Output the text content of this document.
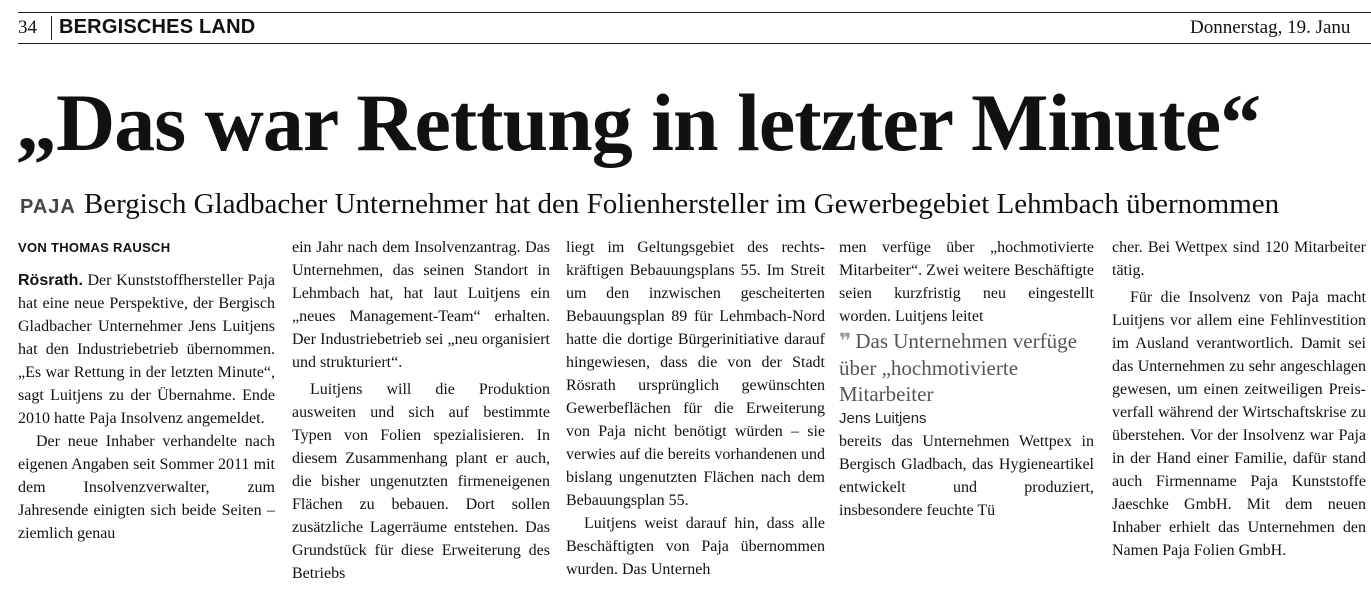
34 BERGISCHES LAND	Donnerstag, 19. Janu
„Das war Rettung in letzter Minute“
PAJA Bergisch Gladbacher Unternehmer hat den Folienhersteller im Gewerbegebiet Lehmbach übernommen

VON THOMAS RAUSCH

Rösrath. Der Kunststoffhersteller Paja hat eine neue Perspektive, der Bergisch Gladbacher Unternehmer Jens Luitjens hat den Industriebetrieb übernommen. „Es war Rettung in der letzten Minute“, sagt Luitjens zu der Übernahme. Ende 2010 hatte Paja Insolvenz angemeldet.

Der neue Inhaber verhandelte nach eigenen Angaben seit Sommer 2011 mit dem Insolvenzverwalter, zum Jahresende einigten sich beide Seiten – ziemlich genau

ein Jahr nach dem Insolvenzantrag. Das Unternehmen, das seinen Standort in Lehmbach hat, hat laut Luitjens ein „neues Management-Team“ erhalten. Der Industriebetrieb sei „neu organisiert und strukturiert“.

Luitjens will die Produktion ausweiten und sich auf bestimmte Typen von Folien spezialisieren. In diesem Zusammenhang plant er auch, die bisher ungenutzten firmeneigenen Flächen zu bebauen. Dort sollen zusätzliche Lagerräume entstehen. Das Grundstück für diese Erweiterung des Betriebs

liegt im Geltungsgebiet des rechtskräftigen Bebauungsplans 55. Im Streit um den inzwischen gescheiterten Bebauungsplan 89 für Lehmbach-Nord hatte die dortige Bürgerinitiative darauf hingewiesen, dass die von der Stadt Rösrath ursprünglich gewünschten Gewerbeflächen für die Erweiterung von Paja nicht benötigt würden – sie verwies auf die bereits vorhandenen und bislang ungenutzten Flächen nach dem Bebauungsplan 55.

Luitjens weist darauf hin, dass alle Beschäftigten von Paja übernommen wurden. Das Unterneh

men verfüge über „hochmotivierte Mitarbeiter“. Zwei weitere Beschäftigte seien kurzfristig neu eingestellt worden. Luitjens leitet

❞ Das Unternehmen verfüge über „hochmotivierte Mitarbeiter

Jens Luitjens

bereits das Unternehmen Wettpex in Bergisch Gladbach, das Hygieneartikel entwickelt und produziert, insbesondere feuchte Tü

cher. Bei Wettpex sind 120 Mitarbeiter tätig.

Für die Insolvenz von Paja macht Luitjens vor allem eine Fehlinvestition im Ausland verantwortlich. Damit sei das Unternehmen zu sehr angeschlagen gewesen, um einen zeitweiligen Preisverfall während der Wirtschaftskrise zu überstehen. Vor der Insolvenz war Paja in der Hand einer Familie, dafür stand auch Firmenname Paja Kunststoffe Jaeschke GmbH. Mit dem neuen Inhaber erhielt das Unternehmen den Namen Paja Folien GmbH.
